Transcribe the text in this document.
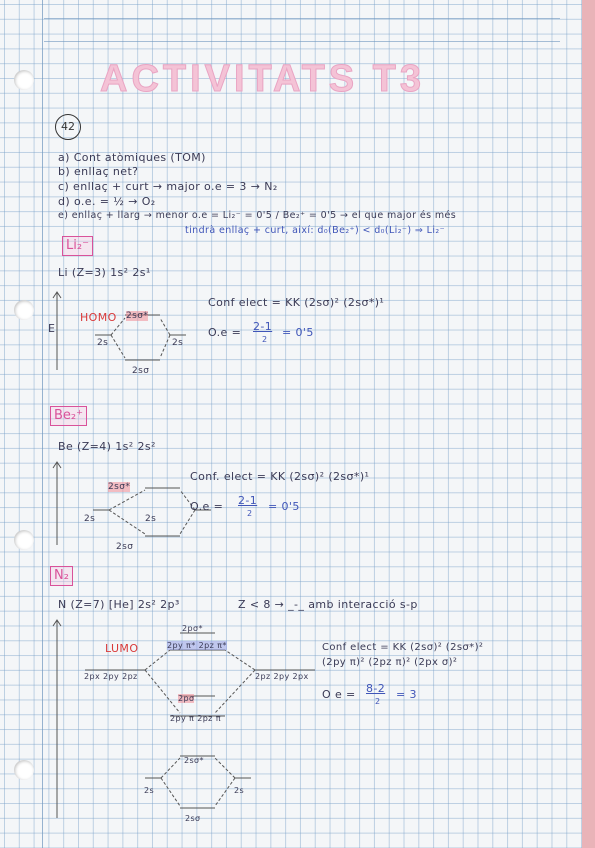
ACTIVITATS T3
42
a) Cont atòmiques (TOM)
b) enllaç net?
c) enllaç + curt → major o.e = 3 → N₂
d) o.e. = ½ → O₂
e) enllaç + llarg → menor o.e = Li₂⁻ = 0'5 / Be₂⁺ = 0'5 → el que major és més
tindrà enllaç + curt, així: d₀(Be₂⁺) < d₀(Li₂⁻) ⇒ Li₂⁻
Li₂⁻
Li (Z=3) 1s² 2s¹
E
HOMO 2sσ*
2s	2s
2sσ
Conf elect = KK (2sσ)² (2sσ*)¹
O.e = 2-1
2
= 0'5
Be₂⁺
Be (Z=4) 1s² 2s²
2sσ*
2s	2s
2sσ
Conf. elect = KK (2sσ)² (2sσ*)¹
O.e = 2-1
2
= 0'5
N₂
N (Z=7) [He] 2s² 2p³	Z < 8 → _-_ amb interacció s-p
LUMO
2pσ*
2py π* 2pz π*
2px 2py 2pz	2pz 2py 2px
2pσ
2py π 2pz π
2sσ*
2s	2s
2sσ
Conf elect = KK (2sσ)² (2sσ*)²
(2py π)² (2pz π)² (2px σ)²
O e = 8-2
2
= 3
